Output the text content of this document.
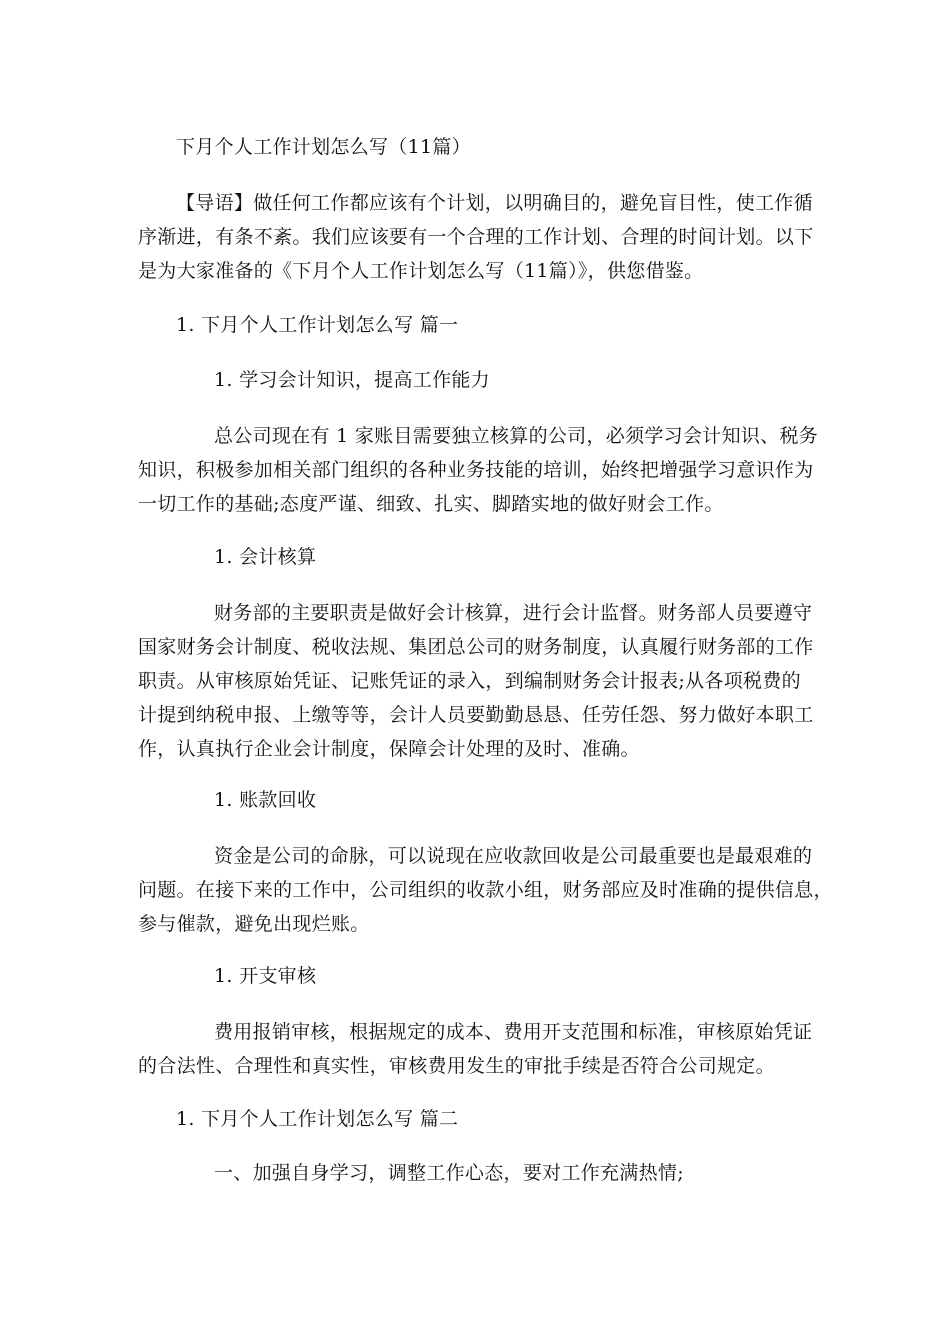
下月个人工作计划怎么写（11篇）
【导语】做任何工作都应该有个计划，以明确目的，避免盲目性，使工作循
序渐进，有条不紊。我们应该要有一个合理的工作计划、合理的时间计划。以下
是为大家准备的《下月个人工作计划怎么写（11篇）》，供您借鉴。
1. 下月个人工作计划怎么写 篇一
1. 学习会计知识，提高工作能力
总公司现在有 1 家账目需要独立核算的公司，必须学习会计知识、税务
知识，积极参加相关部门组织的各种业务技能的培训，始终把增强学习意识作为
一切工作的基础;态度严谨、细致、扎实、脚踏实地的做好财会工作。
1. 会计核算
财务部的主要职责是做好会计核算，进行会计监督。财务部人员要遵守
国家财务会计制度、税收法规、集团总公司的财务制度，认真履行财务部的工作
职责。从审核原始凭证、记账凭证的录入，到编制财务会计报表;从各项税费的
计提到纳税申报、上缴等等，会计人员要勤勤恳恳、任劳任怨、努力做好本职工
作，认真执行企业会计制度，保障会计处理的及时、准确。
1. 账款回收
资金是公司的命脉，可以说现在应收款回收是公司最重要也是最艰难的
问题。在接下来的工作中，公司组织的收款小组，财务部应及时准确的提供信息，
参与催款，避免出现烂账。
1. 开支审核
费用报销审核，根据规定的成本、费用开支范围和标准，审核原始凭证
的合法性、合理性和真实性，审核费用发生的审批手续是否符合公司规定。
1. 下月个人工作计划怎么写 篇二
一、加强自身学习，调整工作心态，要对工作充满热情;
